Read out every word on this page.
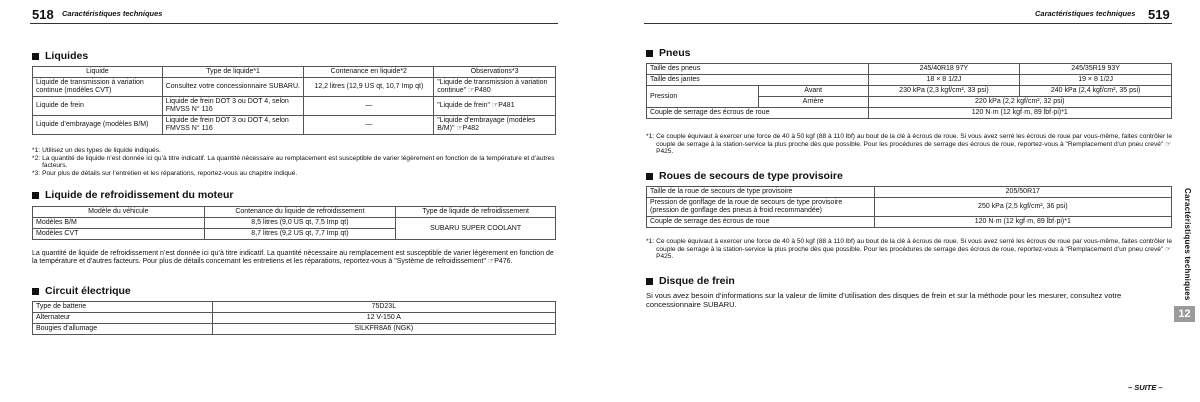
518 Caractéristiques techniques
Liquides
Liquide	Type de liquide*1	Contenance en liquide*2	Observations*3
Liquide de transmission à variation continue (modèles CVT)	Consultez votre concessionnaire SUBARU.	12,2 litres (12,9 US qt, 10,7 Imp qt)	"Liquide de transmission à variation continue" ☞P480
Liquide de frein	Liquide de frein DOT 3 ou DOT 4, selon FMVSS N° 116	—	"Liquide de frein" ☞P481
Liquide d’embrayage (modèles B/M)	Liquide de frein DOT 3 ou DOT 4, selon FMVSS N° 116	—	"Liquide d’embrayage (modèles B/M)" ☞P482
*1: Utilisez un des types de liquide indiqués.
*2: La quantité de liquide n’est donnée ici qu’à titre indicatif. La quantité nécessaire au remplacement est susceptible de varier légèrement en fonction de la température et d’autres facteurs.
*3: Pour plus de détails sur l’entretien et les réparations, reportez-vous au chapitre indiqué.
Liquide de refroidissement du moteur
Modèle du véhicule	Contenance du liquide de refroidissement	Type de liquide de refroidissement
Modèles B/M	8,5 litres (9,0 US qt, 7,5 Imp qt)	SUBARU SUPER COOLANT
Modèles CVT	8,7 litres (9,2 US qt, 7,7 Imp qt)	
La quantité de liquide de refroidissement n’est donnée ici qu’à titre indicatif. La quantité nécessaire au remplacement est susceptible de varier légèrement en fonction de la température et d’autres facteurs. Pour plus de détails concernant les entretiens et les réparations, reportez-vous à "Système de refroidissement" ☞P476.
Circuit électrique
Type de batterie	75D23L
Alternateur	12 V-150 A
Bougies d’allumage	SILKFR8A6 (NGK)
Caractéristiques techniques 519
Pneus
Taille des pneus		245/40R18 97Y	245/35R19 93Y
Taille des jantes		18 × 8 1/2J	19 × 8 1/2J
Pression	Avant	230 kPa (2,3 kgf/cm², 33 psi)	240 kPa (2,4 kgf/cm², 35 psi)
	Arrière	220 kPa (2,2 kgf/cm², 32 psi)	
Couple de serrage des écrous de roue		120 N·m (12 kgf·m, 89 lbf·pi)*1	
*1: Ce couple équivaut à exercer une force de 40 à 50 kgf (88 à 110 lbf) au bout de la clé à écrous de roue. Si vous avez serré les écrous de roue par vous-même, faites contrôler le couple de serrage à la station-service la plus proche dès que possible. Pour les procédures de serrage des écrous de roue, reportez-vous à "Remplacement d’un pneu crevé" ☞P425.
Roues de secours de type provisoire
Taille de la roue de secours de type provisoire	205/50R17
Pression de gonflage de la roue de secours de type provisoire (pression de gonflage des pneus à froid recommandée)	250 kPa (2,5 kgf/cm², 36 psi)
Couple de serrage des écrous de roue	120 N·m (12 kgf·m, 89 lbf·pi)*1
*1: Ce couple équivaut à exercer une force de 40 à 50 kgf (88 à 110 lbf) au bout de la clé à écrous de roue. Si vous avez serré les écrous de roue par vous-même, faites contrôler le couple de serrage à la station-service la plus proche dès que possible. Pour les procédures de serrage des écrous de roue, reportez-vous à "Remplacement d’un pneu crevé" ☞P425.
Disque de frein
Si vous avez besoin d’informations sur la valeur de limite d’utilisation des disques de frein et sur la méthode pour les mesurer, consultez votre concessionnaire SUBARU.
Caractéristiques techniques
12
– SUITE –
